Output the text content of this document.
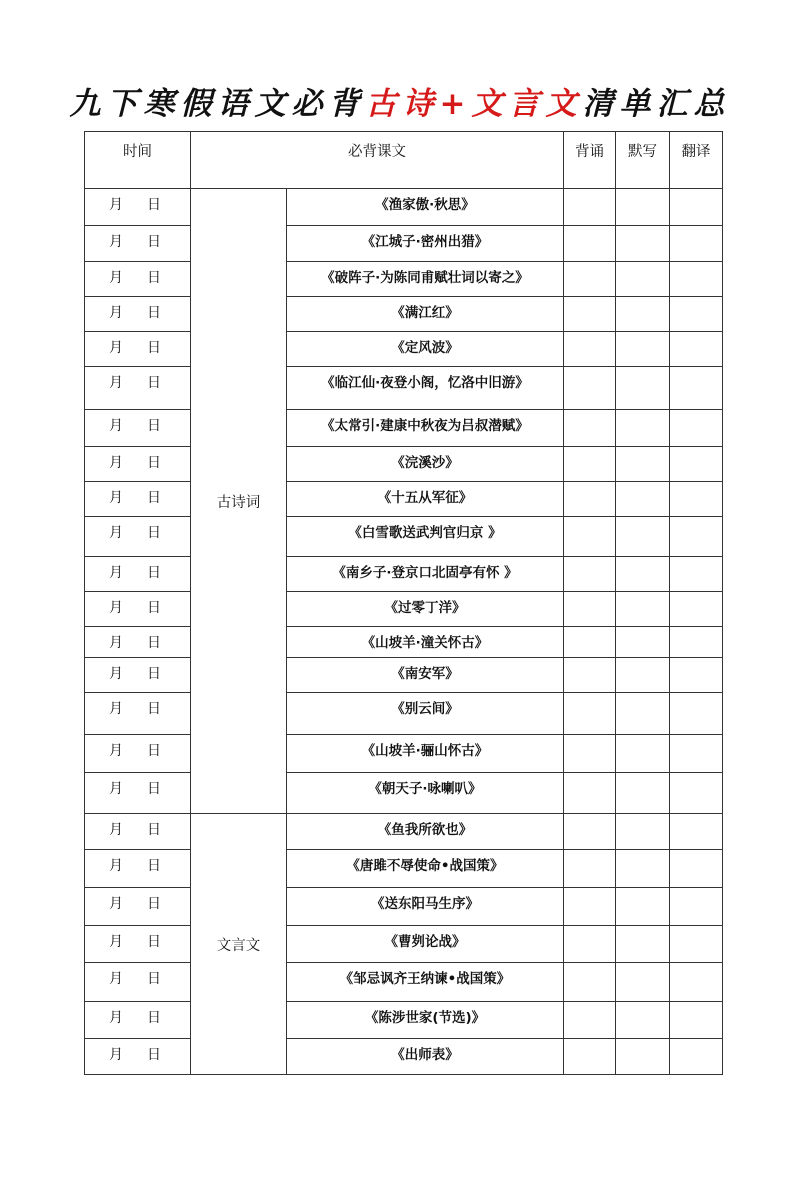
九下寒假语文必背古诗+文言文清单汇总
时间	必背课文		背诵	默写	翻译
月 日	古诗词	《渔家傲·秋思》			
月 日		《江城子·密州出猎》			
月 日		《破阵子·为陈同甫赋壮词以寄之》			
月 日		《满江红》			
月 日		《定风波》			
月 日		《临江仙·夜登小阁，忆洛中旧游》			
月 日		《太常引·建康中秋夜为吕叔潜赋》			
月 日		《浣溪沙》			
月 日		《十五从军征》			
月 日		《白雪歌送武判官归京 》			
月 日		《南乡子·登京口北固亭有怀 》			
月 日		《过零丁洋》			
月 日		《山坡羊·潼关怀古》			
月 日		《南安军》			
月 日		《别云间》			
月 日		《山坡羊·骊山怀古》			
月 日		《朝天子·咏喇叭》			
月 日	文言文	《鱼我所欲也》			
月 日		《唐雎不辱使命•战国策》			
月 日		《送东阳马生序》			
月 日		《曹刿论战》			
月 日		《邹忌讽齐王纳谏•战国策》			
月 日		《陈涉世家(节选)》			
月 日		《出师表》			
